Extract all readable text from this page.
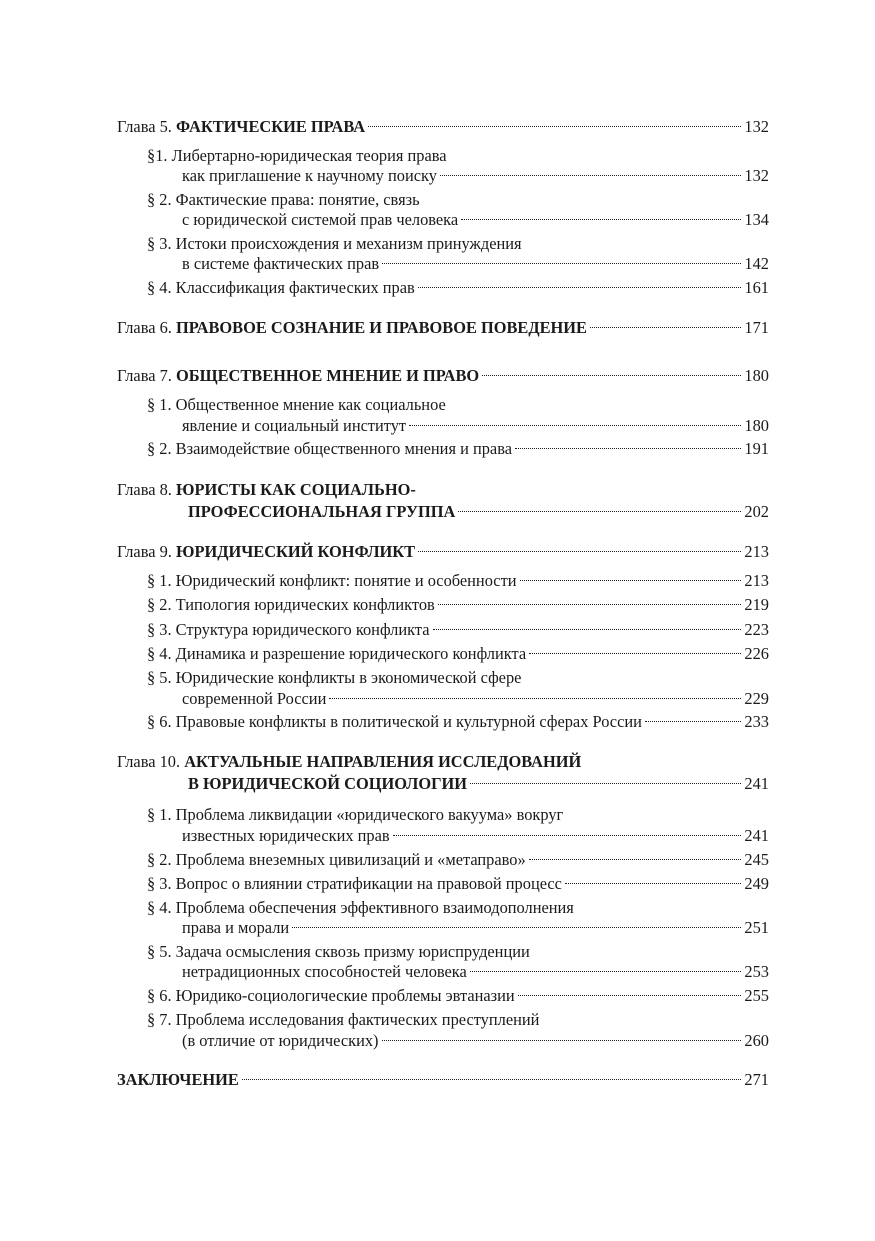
Глава 5. ФАКТИЧЕСКИЕ ПРАВА	132
§1. Либертарно-юридическая теория права
как приглашение к научному поиску	132
§ 2. Фактические права: понятие, связь
с юридической системой прав человека	134
§ 3. Истоки происхождения и механизм принуждения
в системе фактических прав	142
§ 4. Классификация фактических прав	161
Глава 6. ПРАВОВОЕ СОЗНАНИЕ И ПРАВОВОЕ ПОВЕДЕНИЕ	171
Глава 7. ОБЩЕСТВЕННОЕ МНЕНИЕ И ПРАВО	180
§ 1. Общественное мнение как социальное
явление и социальный институт	180
§ 2. Взаимодействие общественного мнения и права	191
Глава 8. ЮРИСТЫ КАК СОЦИАЛЬНО-
ПРОФЕССИОНАЛЬНАЯ ГРУППА	202
Глава 9. ЮРИДИЧЕСКИЙ КОНФЛИКТ	213
§ 1. Юридический конфликт: понятие и особенности	213
§ 2. Типология юридических конфликтов	219
§ 3. Структура юридического конфликта	223
§ 4. Динамика и разрешение юридического конфликта	226
§ 5. Юридические конфликты в экономической сфере
современной России	229
§ 6. Правовые конфликты в политической и культурной сферах России	233
Глава 10. АКТУАЛЬНЫЕ НАПРАВЛЕНИЯ ИССЛЕДОВАНИЙ
В ЮРИДИЧЕСКОЙ СОЦИОЛОГИИ	241
§ 1. Проблема ликвидации «юридического вакуума» вокруг
известных юридических прав	241
§ 2. Проблема внеземных цивилизаций и «метаправо»	245
§ 3. Вопрос о влиянии стратификации на правовой процесс	249
§ 4. Проблема обеспечения эффективного взаимодополнения
права и морали	251
§ 5. Задача осмысления сквозь призму юриспруденции
нетрадиционных способностей человека	253
§ 6. Юридико-социологические проблемы эвтаназии	255
§ 7. Проблема исследования фактических преступлений
(в отличие от юридических)	260
ЗАКЛЮЧЕНИЕ	271
